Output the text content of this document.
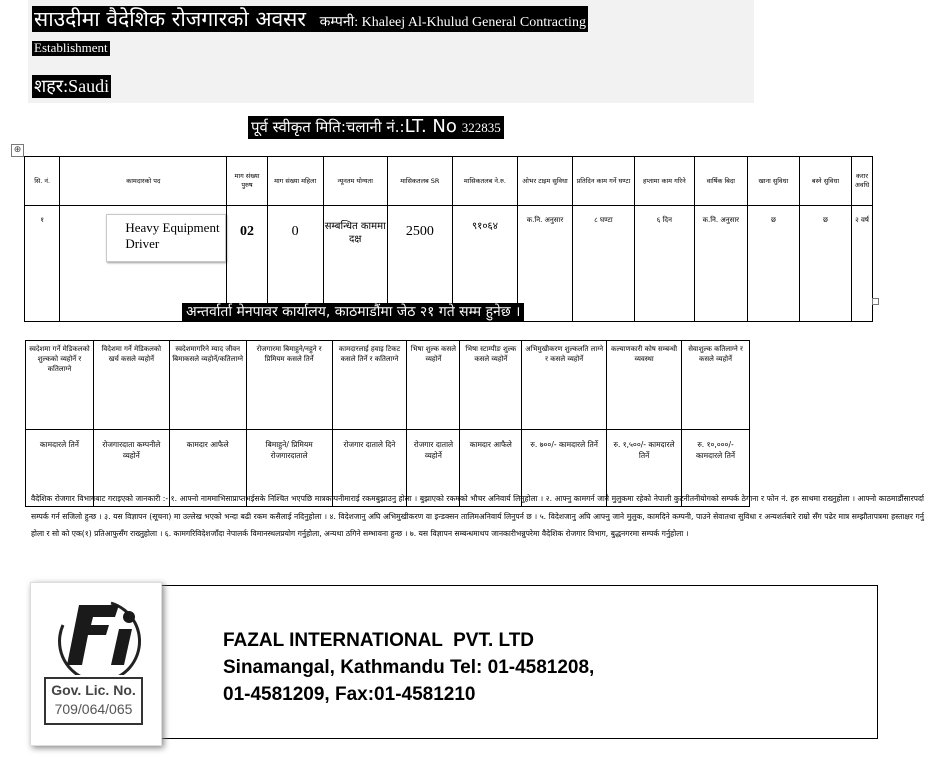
साउदीमा वैदेशिक रोजगारको अवसर कम्पनी: Khaleej Al-Khulud General Contracting
Establishment
शहर:Saudi
पूर्व स्वीकृत मिति:चलानी नं.:LT. No 322835
⊕
सि. नं.	कामदारको पद	माग संख्या पुरुष	माग संख्या महिला	न्यूनतम योग्यता	मासिकतलब SR	मासिकतलब ने.रु.	ओभर टाइम सुविधा	प्रतिदिन काम गर्ने घण्टा	हप्तामा काम गरिने	वार्षिक बिदा	खाना सुविधा	बस्ने सुविधा	करार अवधि
१	Heavy Equipment Driver	02	0	सम्बन्धित काममा दक्ष	2500	९१०६४	क.नि. अनुसार	८ घण्टा	६ दिन	क.नि. अनुसार	छ	छ	२ वर्ष
अन्तर्वार्ता मेनपावर कार्यालय, काठमाडौंमा जेठ २१ गते सम्म हुनेछ ।
स्वदेशमा गर्ने मेडिकलको शुल्कको व्यहोर्ने र कतिलाग्ने	विदेशमा गर्ने मेडिकलको खर्च कसले व्यहोर्ने	स्वदेशमागरिने म्याद जीवन बिमाकसले व्यहोर्ने/कतिलाग्ने	रोजगारमा बिमाहुने/नहुने र प्रिमियम कसले तिर्ने	कामदारलाई हवाइ टिकट कसले तिर्ने र कतिलाग्ने	भिषा शुल्क कसले व्यहोर्ने	भिषा स्टाम्पीङ शुल्क कसले व्यहोर्ने	अभिमुखीकरण शुल्कलति लाग्ने र कसले व्यहोर्ने	कल्याणकारी कोष सम्बन्धी व्यवस्था	सेवाशुल्क कतिलाग्ने र कसले व्यहोर्ने
कामदारले तिर्ने	रोजगारदाता कम्पनीले व्यहोर्ने	कामदार आफैले	बिमाहुने/ प्रिमियम रोजगारदाताले	रोजगार दाताले दिने	रोजगार दाताले व्यहोर्ने	कामदार आफैले	रु. ७००/- कामदारले तिर्ने	रु. १,५००/- कामदारले तिर्ने	रु. १०,०००/- कामदारले तिर्ने
वैदेशिक रोजगार विभागबाट गराइएको जानकारी :- १. आफ्नो नाममाभिसाप्राप्तभईसके निश्चित भएपछि मात्रकम्पनीमाराई रकमबुझाउनु होला । बुझाएको रकमको भौचर अनिवार्य लिनुहोला । २. आफ्नु कामगर्न जाने मुलुकमा रहेको नेपाली कुटनीतनीयोगको सम्पर्क ठेगाना र फोन नं. हरु साथमा राख्नुहोला । आफ्नो काठमाडौंसारपर्दा सम्पर्क गर्न सजिलो हुन्छ । ३. यस विज्ञापन (सूचना) मा उल्लेख भएको भन्दा बढी रकम कसैलाई नदिनुहोला । ४. विदेशजानु अघि अभिमुखीकरण वा इन्डक्सन तालिमअनिवार्य लिनुपर्न छ । ५. विदेशजानु अघि आफ्नु जाने मुलुक, कामदिने कम्पनी, पाउने सेवातथा सुविधा र अन्यशर्तबारे राम्रो सँग पढेर मात्र सम्झौतापत्रमा हस्ताक्षर गर्नु होला र सो को एक(१) प्रतिआफुसँग राख्नुहोला । ६. कामगरिविदेशजाँदा नेपालर्क विमानस्थलप्रयोग गर्नुहोला, अन्यथा ठगिने सम्भावना हुन्छ । ७. यस विज्ञापन सम्बन्धमाथप जानकारीभन्नुपरेमा वैदेशिक रोजगार विभाग, बुद्धनगरमा सम्पर्क गर्नुहोला ।
Gov. Lic. No.
709/064/065
FAZAL INTERNATIONAL  PVT. LTD
Sinamangal, Kathmandu Tel: 01-4581208,
01-4581209, Fax:01-4581210
